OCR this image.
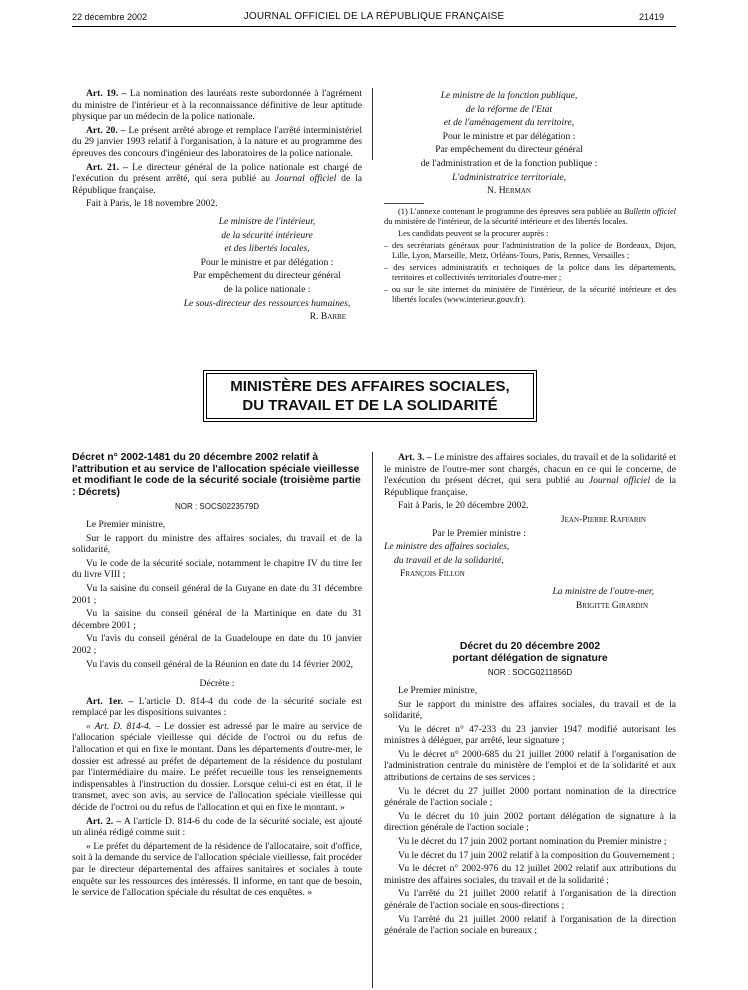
22 décembre 2002	JOURNAL OFFICIEL DE LA RÉPUBLIQUE FRANÇAISE	21419

Art. 19. – La nomination des lauréats reste subordonnée à l'agrément du ministre de l'intérieur et à la reconnaissance définitive de leur aptitude physique par un médecin de la police nationale.

Art. 20. – Le présent arrêté abroge et remplace l'arrêté interministériel du 29 janvier 1993 relatif à l'organisation, à la nature et au programme des épreuves des concours d'ingénieur des laboratoires de la police nationale.

Art. 21. – Le directeur général de la police nationale est chargé de l'exécution du présent arrêté, qui sera publié au Journal officiel de la République française.

Fait à Paris, le 18 novembre 2002.

Le ministre de l'intérieur,

de la sécurité intérieure

et des libertés locales,

Pour le ministre et par délégation :

Par empêchement du directeur général

de la police nationale :

Le sous-directeur des ressources humaines,

R. Barbe

Le ministre de la fonction publique,

de la réforme de l'Etat

et de l'aménagement du territoire,

Pour le ministre et par délégation :

Par empêchement du directeur général

de l'administration et de la fonction publique :

L'administratrice territoriale,

N. Herman

(1) L'annexe contenant le programme des épreuves sera publiée au Bulletin officiel du ministère de l'intérieur, de la sécurité intérieure et des libertés locales.

Les candidats peuvent se la procurer auprès :

– des secrétariats généraux pour l'administration de la police de Bordeaux, Dijon, Lille, Lyon, Marseille, Metz, Orléans-Tours, Paris, Rennes, Versailles ;

– des services administratifs et techniques de la police dans les départements, territoires et collectivités territoriales d'outre-mer ;

– ou sur le site internet du ministère de l'intérieur, de la sécurité intérieure et des libertés locales (www.interieur.gouv.fr).

MINISTÈRE DES AFFAIRES SOCIALES,
DU TRAVAIL ET DE LA SOLIDARITÉ
Décret n° 2002-1481 du 20 décembre 2002 relatif à l'attribution et au service de l'allocation spéciale vieillesse et modifiant le code de la sécurité sociale (troisième partie : Décrets)
NOR : SOCS0223579D

Le Premier ministre,

Sur le rapport du ministre des affaires sociales, du travail et de la solidarité,

Vu le code de la sécurité sociale, notamment le chapitre IV du titre Ier du livre VIII ;

Vu la saisine du conseil général de la Guyane en date du 31 décembre 2001 ;

Vu la saisine du conseil général de la Martinique en date du 31 décembre 2001 ;

Vu l'avis du conseil général de la Guadeloupe en date du 10 janvier 2002 ;

Vu l'avis du conseil général de la Réunion en date du 14 février 2002,

Décrète :

Art. 1er. – L'article D. 814-4 du code de la sécurité sociale est remplacé par les dispositions suivantes :

« Art. D. 814-4. – Le dossier est adressé par le maire au service de l'allocation spéciale vieillesse qui décide de l'octroi ou du refus de l'allocation et qui en fixe le montant. Dans les départements d'outre-mer, le dossier est adressé au préfet de département de la résidence du postulant par l'intermédiaire du maire. Le préfet recueille tous les renseignements indispensables à l'instruction du dossier. Lorsque celui-ci est en état, il le transmet, avec son avis, au service de l'allocation spéciale vieillesse qui décide de l'octroi ou du refus de l'allocation et qui en fixe le montant. »

Art. 2. – A l'article D. 814-6 du code de la sécurité sociale, est ajouté un alinéa rédigé comme suit :

« Le préfet du département de la résidence de l'allocataire, soit d'office, soit à la demande du service de l'allocation spéciale vieillesse, fait procéder par le directeur départemental des affaires sanitaires et sociales à toute enquête sur les ressources des intéressés. Il informe, en tant que de besoin, le service de l'allocation spéciale du résultat de ces enquêtes. »

Art. 3. – Le ministre des affaires sociales, du travail et de la solidarité et le ministre de l'outre-mer sont chargés, chacun en ce qui le concerne, de l'exécution du présent décret, qui sera publié au Journal officiel de la République française.

Fait à Paris, le 20 décembre 2002.

Jean-Pierre Raffarin

Par le Premier ministre :

Le ministre des affaires sociales,

du travail et de la solidarité,

François Fillon

La ministre de l'outre-mer,

Brigitte Girardin

Décret du 20 décembre 2002
portant délégation de signature
NOR : SOCG0211856D

Le Premier ministre,

Sur le rapport du ministre des affaires sociales, du travail et de la solidarité,

Vu le décret n° 47-233 du 23 janvier 1947 modifié autorisant les ministres à déléguer, par arrêté, leur signature ;

Vu le décret n° 2000-685 du 21 juillet 2000 relatif à l'organisation de l'administration centrale du ministère de l'emploi et de la solidarité et aux attributions de certains de ses services ;

Vu le décret du 27 juillet 2000 portant nomination de la directrice générale de l'action sociale ;

Vu le décret du 10 juin 2002 portant délégation de signature à la direction générale de l'action sociale ;

Vu le décret du 17 juin 2002 portant nomination du Premier ministre ;

Vu le décret du 17 juin 2002 relatif à la composition du Gouvernement ;

Vu le décret n° 2002-976 du 12 juillet 2002 relatif aux attributions du ministre des affaires sociales, du travail et de la solidarité ;

Vu l'arrêté du 21 juillet 2000 relatif à l'organisation de la direction générale de l'action sociale en sous-directions ;

Vu l'arrêté du 21 juillet 2000 relatif à l'organisation de la direction générale de l'action sociale en bureaux ;
